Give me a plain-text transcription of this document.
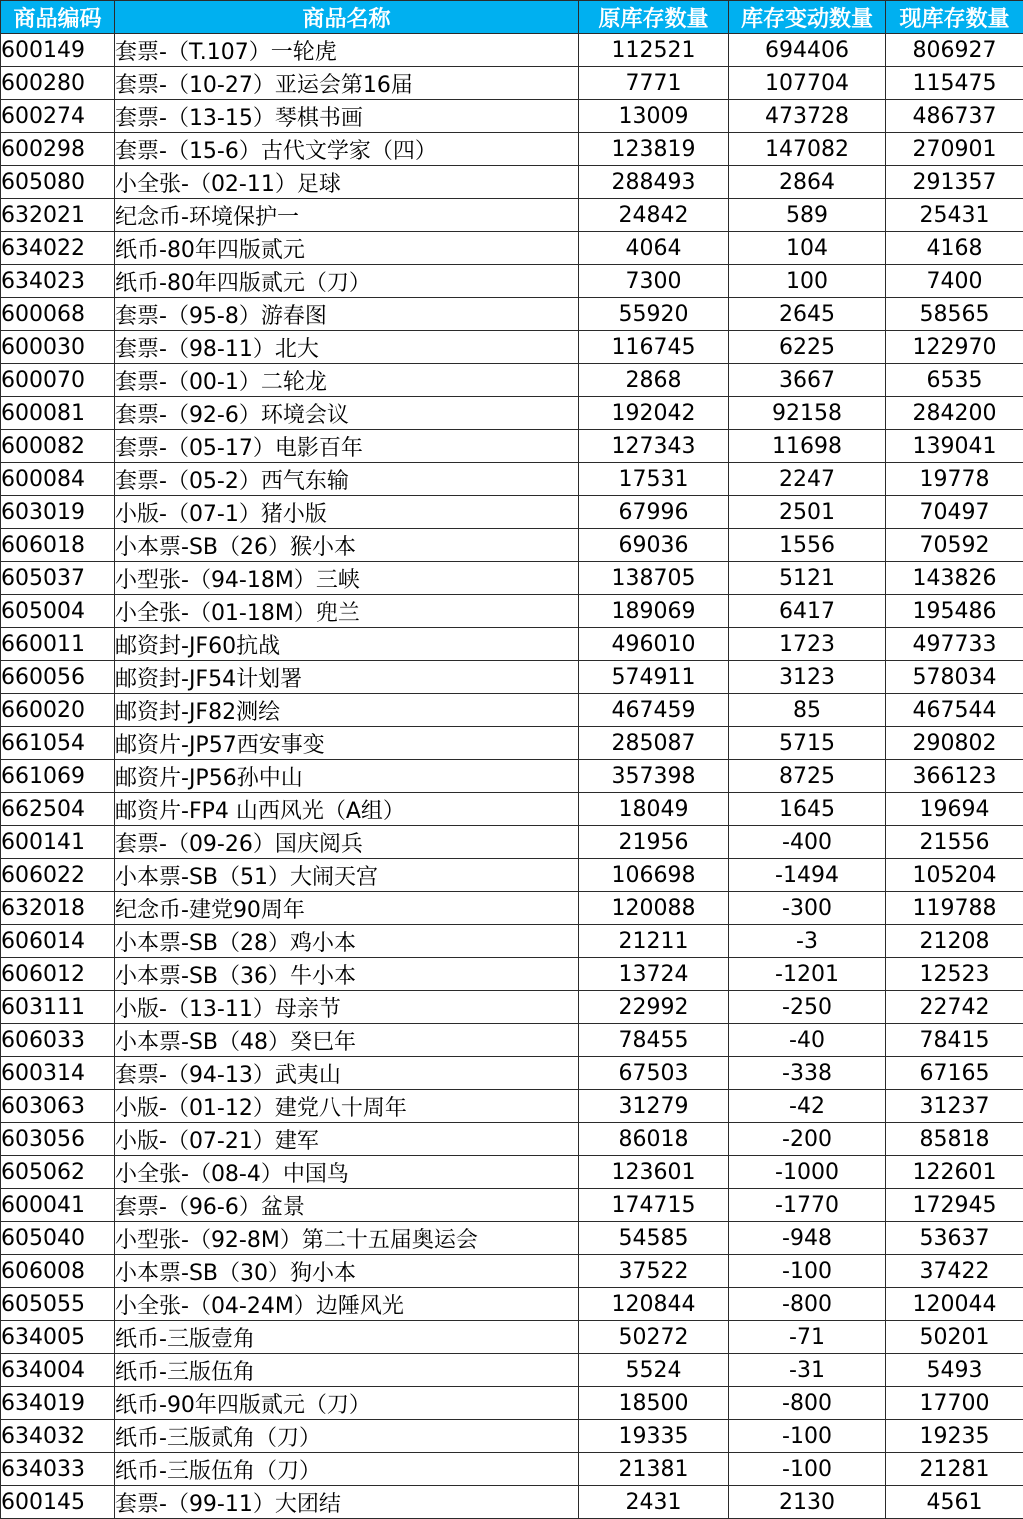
商品编码	商品名称	原库存数量	库存变动数量	现库存数量
600149	套票-（T.107）一轮虎	112521	694406	806927
600280	套票-（10-27）亚运会第16届	7771	107704	115475
600274	套票-（13-15）琴棋书画	13009	473728	486737
600298	套票-（15-6）古代文学家（四）	123819	147082	270901
605080	小全张-（02-11）足球	288493	2864	291357
632021	纪念币-环境保护一	24842	589	25431
634022	纸币-80年四版贰元	4064	104	4168
634023	纸币-80年四版贰元（刀）	7300	100	7400
600068	套票-（95-8）游春图	55920	2645	58565
600030	套票-（98-11）北大	116745	6225	122970
600070	套票-（00-1）二轮龙	2868	3667	6535
600081	套票-（92-6）环境会议	192042	92158	284200
600082	套票-（05-17）电影百年	127343	11698	139041
600084	套票-（05-2）西气东输	17531	2247	19778
603019	小版-（07-1）猪小版	67996	2501	70497
606018	小本票-SB（26）猴小本	69036	1556	70592
605037	小型张-（94-18M）三峡	138705	5121	143826
605004	小全张-（01-18M）兜兰	189069	6417	195486
660011	邮资封-JF60抗战	496010	1723	497733
660056	邮资封-JF54计划署	574911	3123	578034
660020	邮资封-JF82测绘	467459	85	467544
661054	邮资片-JP57西安事变	285087	5715	290802
661069	邮资片-JP56孙中山	357398	8725	366123
662504	邮资片-FP4 山西风光（A组）	18049	1645	19694
600141	套票-（09-26）国庆阅兵	21956	-400	21556
606022	小本票-SB（51）大闹天宫	106698	-1494	105204
632018	纪念币-建党90周年	120088	-300	119788
606014	小本票-SB（28）鸡小本	21211	-3	21208
606012	小本票-SB（36）牛小本	13724	-1201	12523
603111	小版-（13-11）母亲节	22992	-250	22742
606033	小本票-SB（48）癸巳年	78455	-40	78415
600314	套票-（94-13）武夷山	67503	-338	67165
603063	小版-（01-12）建党八十周年	31279	-42	31237
603056	小版-（07-21）建军	86018	-200	85818
605062	小全张-（08-4）中国鸟	123601	-1000	122601
600041	套票-（96-6）盆景	174715	-1770	172945
605040	小型张-（92-8M）第二十五届奥运会	54585	-948	53637
606008	小本票-SB（30）狗小本	37522	-100	37422
605055	小全张-（04-24M）边陲风光	120844	-800	120044
634005	纸币-三版壹角	50272	-71	50201
634004	纸币-三版伍角	5524	-31	5493
634019	纸币-90年四版贰元（刀）	18500	-800	17700
634032	纸币-三版贰角（刀）	19335	-100	19235
634033	纸币-三版伍角（刀）	21381	-100	21281
600145	套票-（99-11）大团结	2431	2130	4561
